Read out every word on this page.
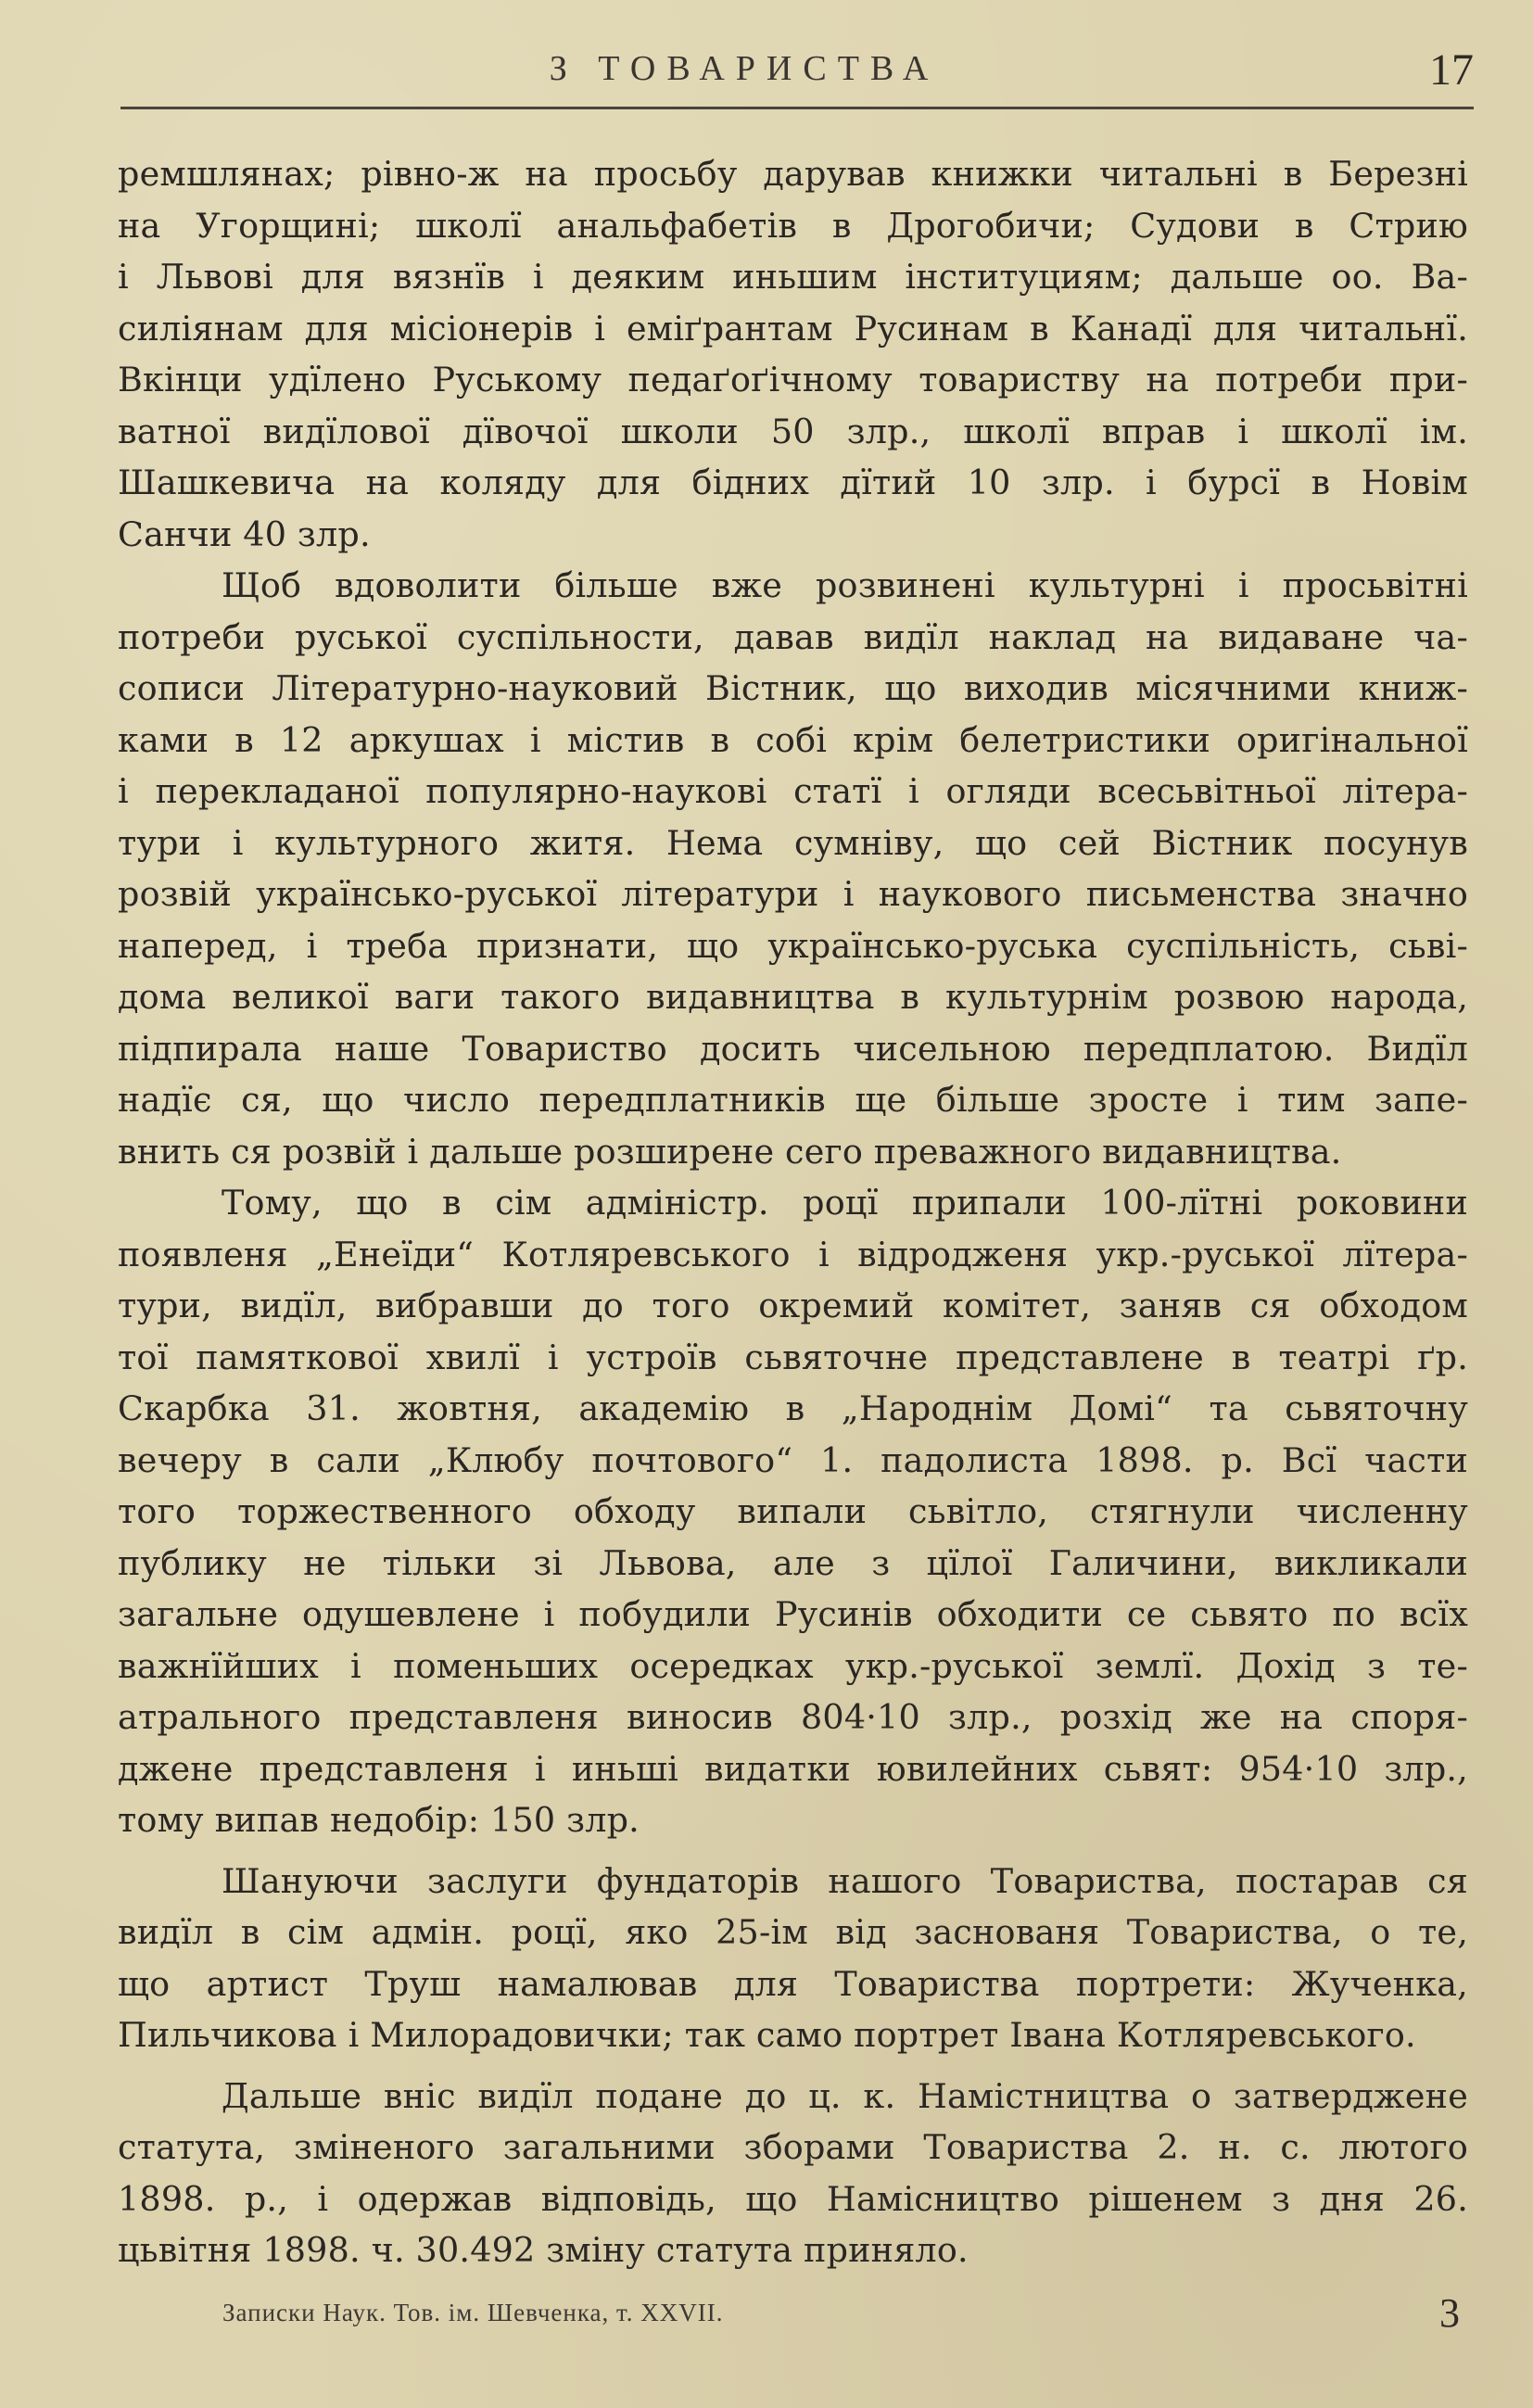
З ТОВАРИСТВА	17
ремшлянах; рівно-ж на просьбу дарував книжки читальні в Березні
на Угорщині; школї анальфабетів в Дрогобичи; Судови в Стрию
і Львові для вязнїв і деяким иньшим інституциям; дальше оо. Ва-
силіянам для місіонерів і еміґрантам Русинам в Канадї для читальнї.
Вкінци удїлено Руському педаґоґічному товариству на потреби при-
ватної видїлової дївочої школи 50 злр., школї вправ і школї ім.
Шашкевича на коляду для бідних дїтий 10 злр. і бурсї в Новім
Санчи 40 злр.
Щоб вдоволити більше вже розвинені культурні і просьвітні
потреби руської суспільности, давав видїл наклад на видаване ча-
сописи Літературно-науковий Вістник, що виходив місячними книж-
ками в 12 аркушах і містив в собі крім белетристики оригінальної
і перекладаної популярно-наукові статї і огляди всесьвітньої літера-
тури і культурного житя. Нема сумніву, що сей Вістник посунув
розвій українсько-руської літератури і наукового письменства значно
наперед, і треба признати, що українсько-руська суспільність, сьві-
дома великої ваги такого видавництва в культурнім розвою народа,
підпирала наше Товариство досить чисельною передплатою. Видїл
надїє ся, що число передплатників ще більше зросте і тим запе-
внить ся розвій і дальше розширене сего преважного видавництва.
Тому, що в сім адміністр. роцї припали 100-лїтні роковини
появленя „Енеїди“ Котляревського і відродженя укр.-руської лїтера-
тури, видїл, вибравши до того окремий комітет, заняв ся обходом
тої памяткової хвилї і устроїв сьвяточне представлене в театрі ґр.
Скарбка 31. жовтня, академію в „Народнім Домі“ та сьвяточну
вечеру в сали „Клюбу почтового“ 1. падолиста 1898. р. Всї части
того торжественного обходу випали сьвітло, стягнули численну
публику не тільки зі Львова, але з цїлої Галичини, викликали
загальне одушевлене і побудили Русинів обходити се сьвято по всїх
важнїйших і поменьших осередках укр.-руської землї. Дохід з те-
атрального представленя виносив 804·10 злр., розхід же на споря-
джене представленя і иньші видатки ювилейних сьвят: 954·10 злр.,
тому випав недобір: 150 злр.
Шануючи заслуги фундаторів нашого Товариства, постарав ся
видїл в сім адмін. роцї, яко 25-ім від заснованя Товариства, о те,
що артист Труш намалював для Товариства портрети: Жученка,
Пильчикова і Милорадовички; так само портрет Івана Котляревського.
Дальше вніс видїл подане до ц. к. Намістництва о затверджене
статута, зміненого загальними зборами Товариства 2. н. с. лютого
1898. р., і одержав відповідь, що Намісництво рішенем з дня 26.
цьвітня 1898. ч. 30.492 зміну статута приняло.
Записки Наук. Тов. ім. Шевченка, т. XXVII.	3
